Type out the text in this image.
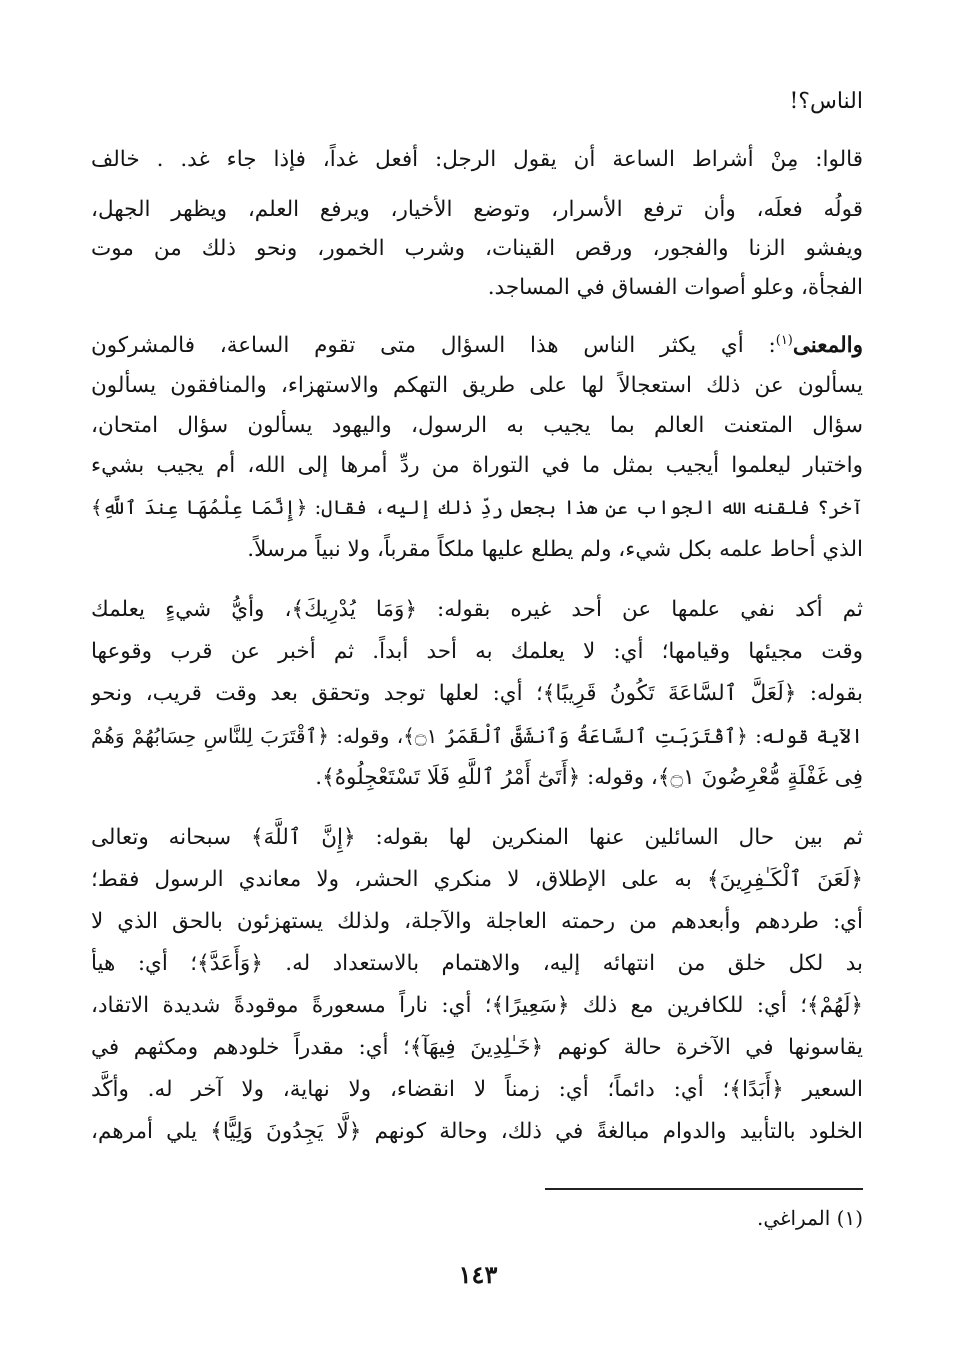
الناس؟!
قالوا: مِنْ أشراط الساعة أن يقول الرجل: أفعل غداً، فإذا جاء غد. . خالف
قولُه فعلَه، وأن ترفع الأسرار، وتوضع الأخيار، ويرفع العلم، ويظهر الجهل،
ويفشو الزنا والفجور، ورقص القينات، وشرب الخمور، ونحو ذلك من موت
الفجأة، وعلو أصوات الفساق في المساجد.
والمعنى$^{(١)}$: أي يكثر الناس هذا السؤال متى تقوم الساعة، فالمشركون
يسألون عن ذلك استعجالاً لها على طريق التهكم والاستهزاء، والمنافقون يسألون
سؤال المتعنت العالم بما يجيب به الرسول، واليهود يسألون سؤال امتحان،
واختبار ليعلموا أيجيب بمثل ما في التوراة من ردِّ أمرها إلى الله، أم يجيب بشيء
آخر؟ فلقنه الله الجواب عن هذا بجعل ردِّ ذلك إليه، فقال: ﴿إِنَّمَا عِلْمُهَا عِندَ ٱللَّهِ﴾
الذي أحاط علمه بكل شيء، ولم يطلع عليها ملكاً مقرباً، ولا نبياً مرسلاً.
ثم أكد نفي علمها عن أحد غيره بقوله: ﴿وَمَا يُدْرِيكَ﴾، وأيُّ شيءٍ يعلمك
وقت مجيئها وقيامها؛ أي: لا يعلمك به أحد أبداً. ثم أخبر عن قرب وقوعها
بقوله: ﴿لَعَلَّ ٱلسَّاعَةَ تَكُونُ قَرِيبًا﴾؛ أي: لعلها توجد وتحقق بعد وقت قريب، ونحو
الآية قوله: ﴿ٱقْتَرَبَتِ ٱلسَّاعَةُ وَٱنشَقَّ ٱلْقَمَرُ ۝١﴾، وقوله: ﴿ٱقْتَرَبَ لِلنَّاسِ حِسَابُهُمْ وَهُمْ
فِى غَفْلَةٍ مُّعْرِضُونَ ۝١﴾، وقوله: ﴿أَتَىٰٓ أَمْرُ ٱللَّهِ فَلَا تَسْتَعْجِلُوهُ﴾.
ثم بين حال السائلين عنها المنكرين لها بقوله: ﴿إِنَّ ٱللَّهَ﴾ سبحانه وتعالى
﴿لَعَنَ ٱلْكَـٰفِرِينَ﴾ به على الإطلاق، لا منكري الحشر، ولا معاندي الرسول فقط؛
أي: طردهم وأبعدهم من رحمته العاجلة والآجلة، ولذلك يستهزئون بالحق الذي لا
بد لكل خلق من انتهائه إليه، والاهتمام بالاستعداد له. ﴿وَأَعَدَّ﴾؛ أي: هيأ
﴿لَهُمْ﴾؛ أي: للكافرين مع ذلك ﴿سَعِيرًا﴾؛ أي: ناراً مسعورةً موقودةً شديدة الاتقاد،
يقاسونها في الآخرة حالة كونهم ﴿خَـٰلِدِينَ فِيهَآ﴾؛ أي: مقدراً خلودهم ومكثهم في
السعير ﴿أَبَدًا﴾؛ أي: دائماً؛ أي: زمناً لا انقضاء، ولا نهاية، ولا آخر له. وأكَّد
الخلود بالتأبيد والدوام مبالغةً في ذلك، وحالة كونهم ﴿لَّا يَجِدُونَ وَلِيًّا﴾ يلي أمرهم،
(١) المراغي.
١٤٣
